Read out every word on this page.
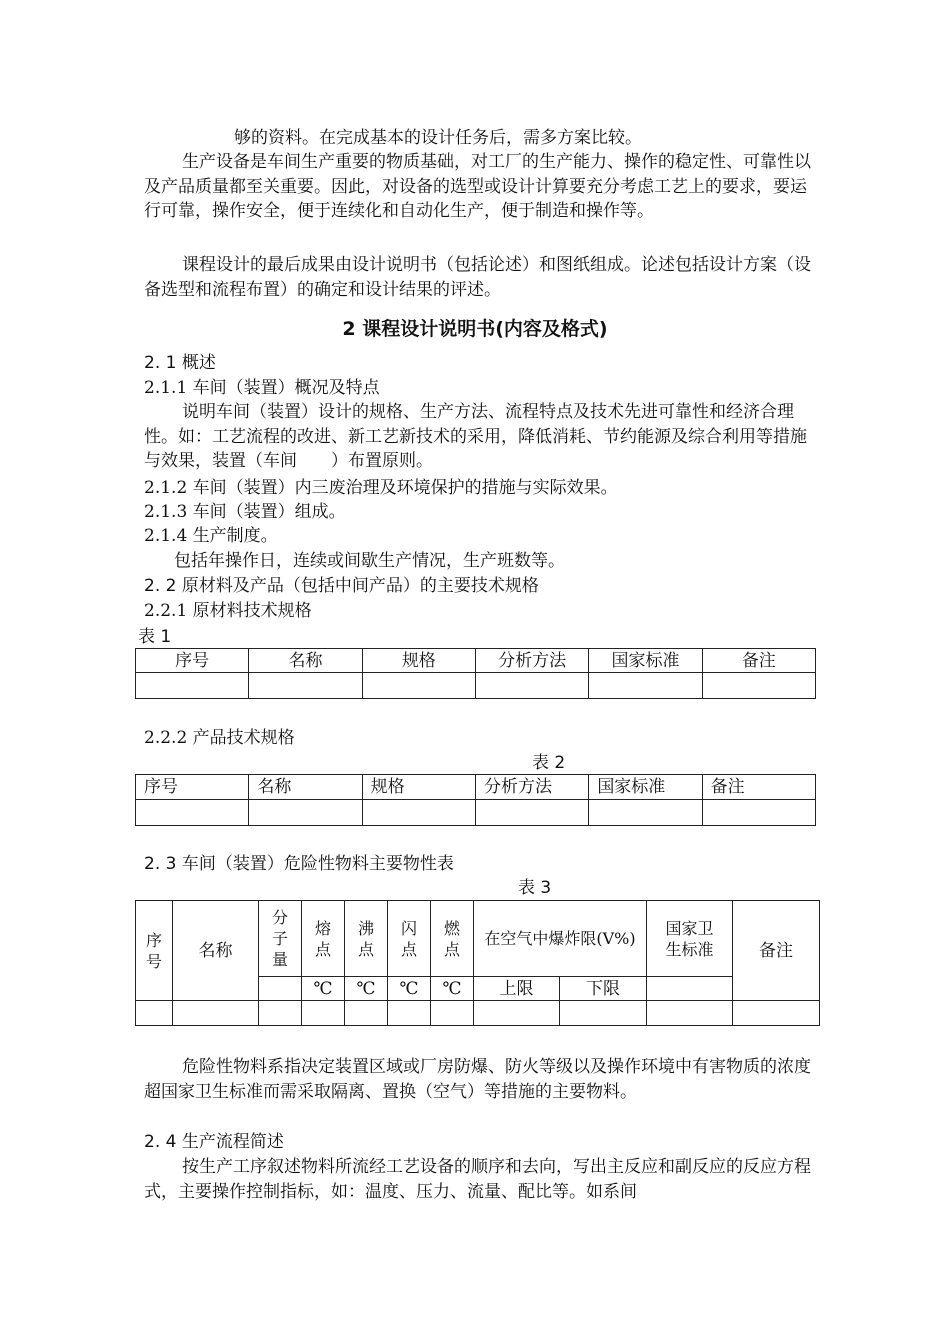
够的资料。在完成基本的设计任务后，需多方案比较。
生产设备是车间生产重要的物质基础，对工厂的生产能力、操作的稳定性、可靠性以及产品质量都至关重要。因此，对设备的选型或设计计算要充分考虑工艺上的要求，要运行可靠，操作安全，便于连续化和自动化生产，便于制造和操作等。
课程设计的最后成果由设计说明书（包括论述）和图纸组成。论述包括设计方案（设备选型和流程布置）的确定和设计结果的评述。
2 课程设计说明书(内容及格式)
2. 1 概述
2.1.1 车间（装置）概况及特点
说明车间（装置）设计的规格、生产方法、流程特点及技术先进可靠性和经济合理性。如：工艺流程的改进、新工艺新技术的采用，降低消耗、节约能源及综合利用等措施与效果，装置（车间　　）布置原则。
2.1.2 车间（装置）内三废治理及环境保护的措施与实际效果。
2.1.3 车间（装置）组成。
2.1.4 生产制度。
包括年操作日，连续或间歇生产情况，生产班数等。
2. 2 原材料及产品（包括中间产品）的主要技术规格
2.2.1 原材料技术规格
表 1
序号	名称	规格	分析方法	国家标准	备注

2.2.2 产品技术规格
表 2
序号	名称	规格	分析方法	国家标准	备注

2. 3 车间（装置）危险性物料主要物性表
表 3
序号	名称	分子量	熔点	沸点	闪点	燃点	在空气中爆炸限(V%)		国家卫生标准	备注
			℃	℃	℃	℃	上限	下限		

危险性物料系指决定装置区域或厂房防爆、防火等级以及操作环境中有害物质的浓度超国家卫生标准而需采取隔离、置换（空气）等措施的主要物料。
2. 4 生产流程简述
按生产工序叙述物料所流经工艺设备的顺序和去向，写出主反应和副反应的反应方程式，主要操作控制指标，如：温度、压力、流量、配比等。如系间
